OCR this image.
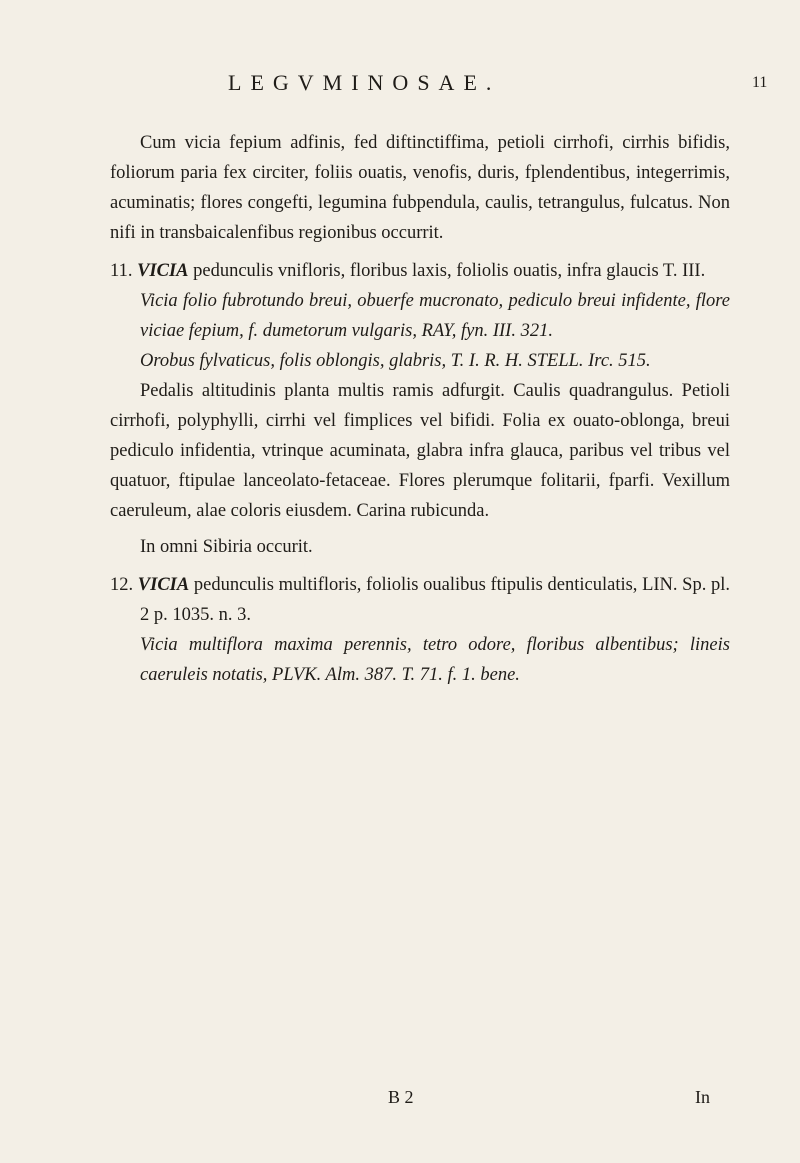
LEGVMINOSAE.	11

Cum vicia fepium adfinis, fed diftinctiffima, petioli cirrhofi, cirrhis bifidis, foliorum paria fex circiter, foliis ouatis, venofis, duris, fplendentibus, integerrimis, acuminatis; flores congefti, legumina fubpendula, caulis, tetrangulus, fulcatus. Non nifi in transbaicalenfibus regionibus occurrit.

11. VICIA pedunculis vnifloris, floribus laxis, foliolis ouatis, infra glaucis T. III.

Vicia folio fubrotundo breui, obuerfe mucronato, pediculo breui infidente, flore viciae fepium, f. dumetorum vulgaris, RAY, fyn. III. 321.

Orobus fylvaticus, folis oblongis, glabris, T. I. R. H. STELL. Irc. 515.

Pedalis altitudinis planta multis ramis adfurgit. Caulis quadrangulus. Petioli cirrhofi, polyphylli, cirrhi vel fimplices vel bifidi. Folia ex ouato-oblonga, breui pediculo infidentia, vtrinque acuminata, glabra infra glauca, paribus vel tribus vel quatuor, ftipulae lanceolato-fetaceae. Flores plerumque folitarii, fparfi. Vexillum caeruleum, alae coloris eiusdem. Carina rubicunda.

In omni Sibiria occurit.

12. VICIA pedunculis multifloris, foliolis oualibus ftipulis denticulatis, LIN. Sp. pl. 2 p. 1035. n. 3.

Vicia multiflora maxima perennis, tetro odore, floribus albentibus; lineis caeruleis notatis, PLVK. Alm. 387. T. 71. f. 1. bene.

B 2	In
